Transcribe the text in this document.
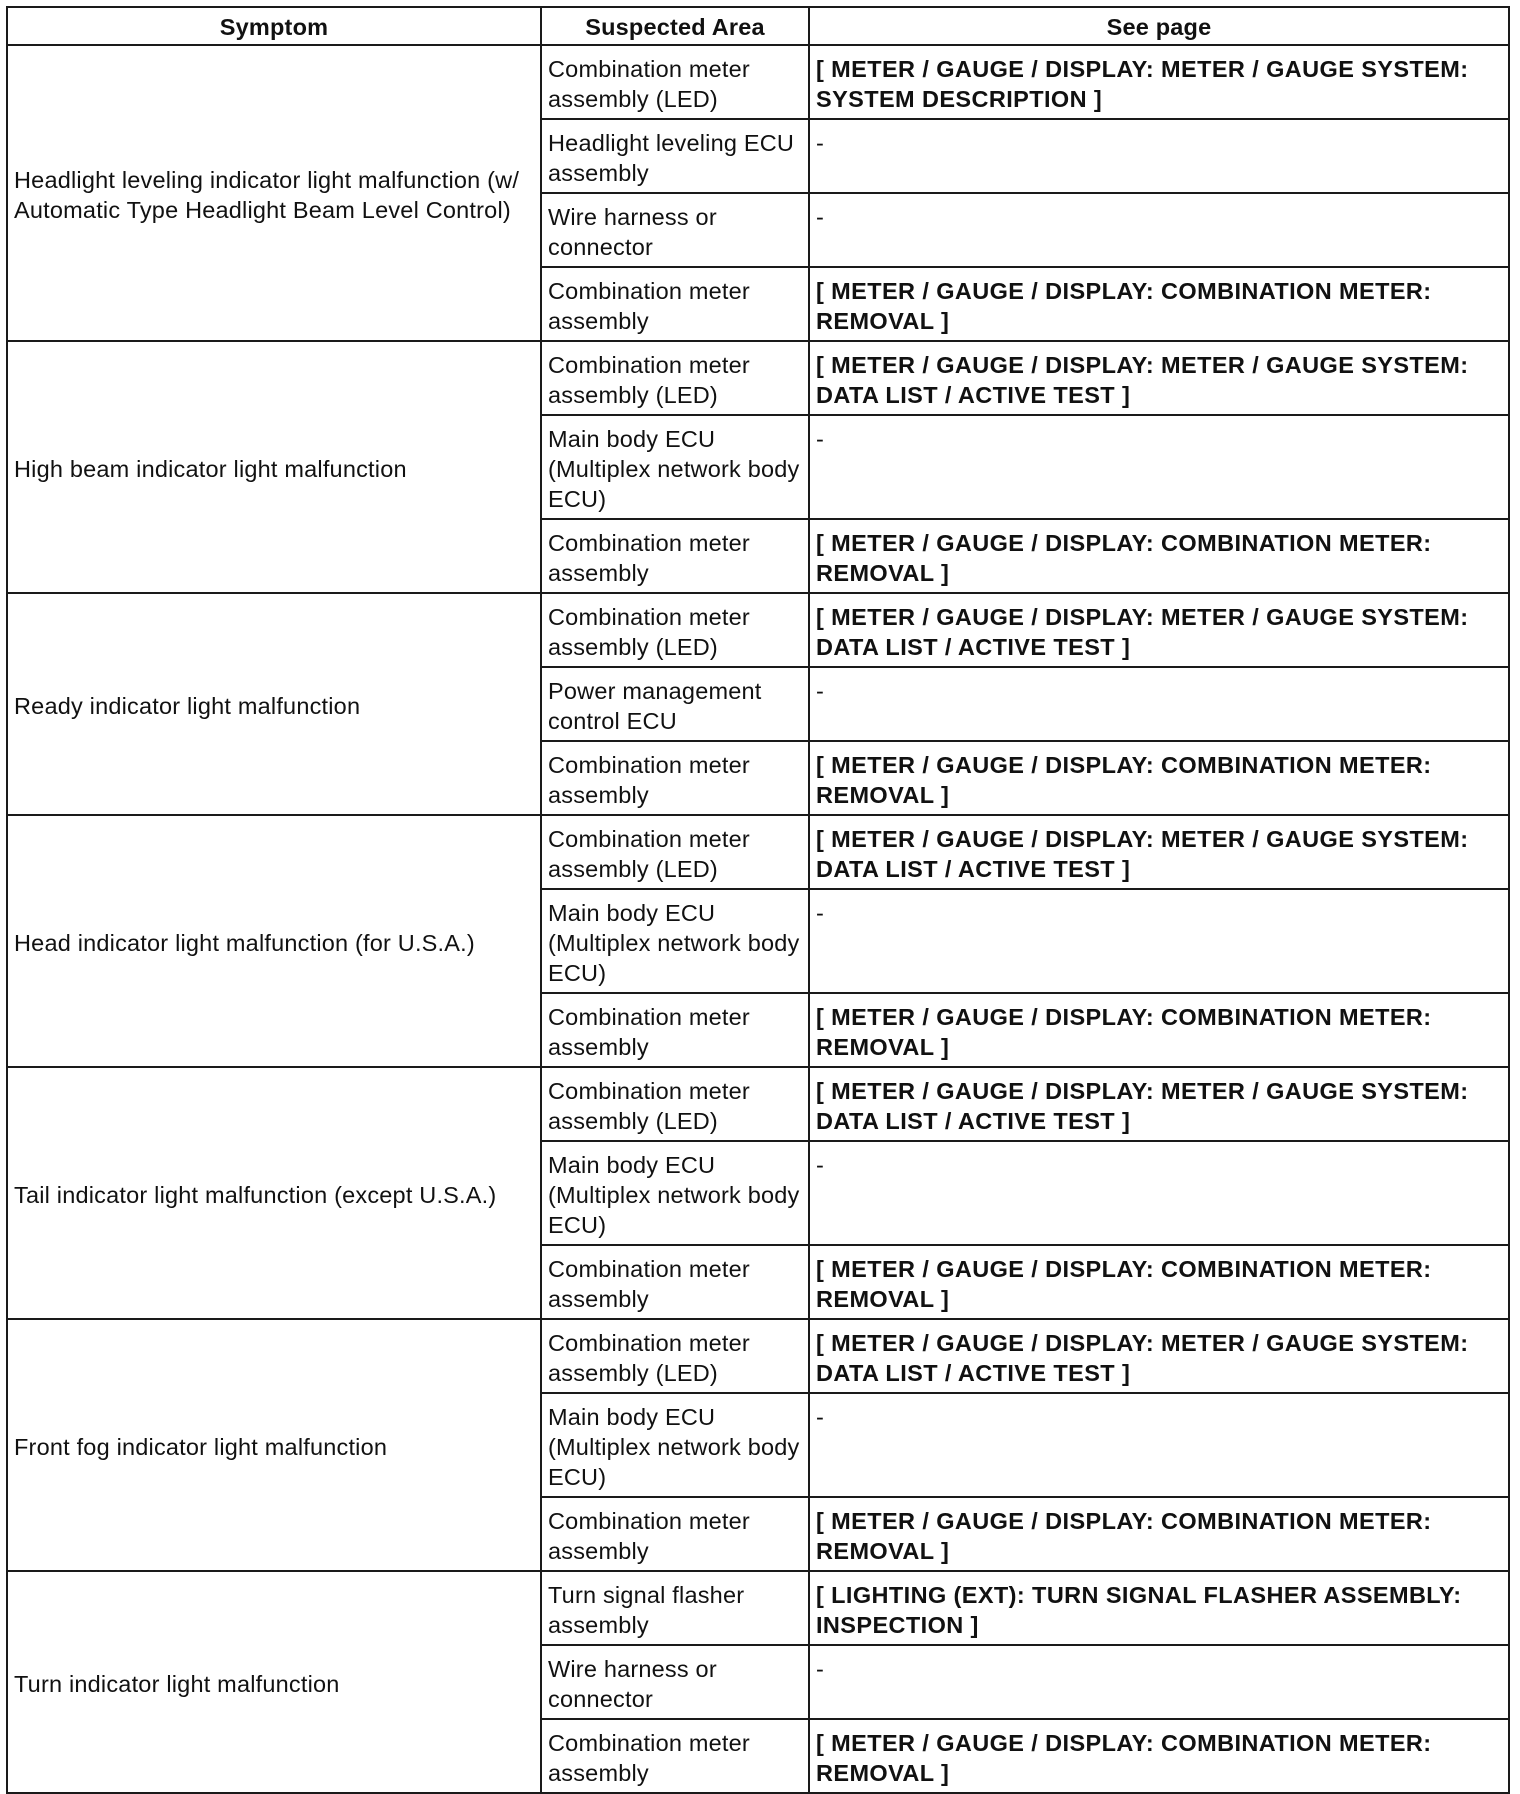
Symptom	Suspected Area	See page
Headlight leveling indicator light malfunction (w/ Automatic Type Headlight Beam Level Control)	Combination meter assembly (LED)	[ METER / GAUGE / DISPLAY: METER / GAUGE SYSTEM: SYSTEM DESCRIPTION ]
	Headlight leveling ECU assembly	-
	Wire harness or connector	-
	Combination meter assembly	[ METER / GAUGE / DISPLAY: COMBINATION METER: REMOVAL ]
High beam indicator light malfunction	Combination meter assembly (LED)	[ METER / GAUGE / DISPLAY: METER / GAUGE SYSTEM: DATA LIST / ACTIVE TEST ]
	Main body ECU (Multiplex network body ECU)	-
	Combination meter assembly	[ METER / GAUGE / DISPLAY: COMBINATION METER: REMOVAL ]
Ready indicator light malfunction	Combination meter assembly (LED)	[ METER / GAUGE / DISPLAY: METER / GAUGE SYSTEM: DATA LIST / ACTIVE TEST ]
	Power management control ECU	-
	Combination meter assembly	[ METER / GAUGE / DISPLAY: COMBINATION METER: REMOVAL ]
Head indicator light malfunction (for U.S.A.)	Combination meter assembly (LED)	[ METER / GAUGE / DISPLAY: METER / GAUGE SYSTEM: DATA LIST / ACTIVE TEST ]
	Main body ECU (Multiplex network body ECU)	-
	Combination meter assembly	[ METER / GAUGE / DISPLAY: COMBINATION METER: REMOVAL ]
Tail indicator light malfunction (except U.S.A.)	Combination meter assembly (LED)	[ METER / GAUGE / DISPLAY: METER / GAUGE SYSTEM: DATA LIST / ACTIVE TEST ]
	Main body ECU (Multiplex network body ECU)	-
	Combination meter assembly	[ METER / GAUGE / DISPLAY: COMBINATION METER: REMOVAL ]
Front fog indicator light malfunction	Combination meter assembly (LED)	[ METER / GAUGE / DISPLAY: METER / GAUGE SYSTEM: DATA LIST / ACTIVE TEST ]
	Main body ECU (Multiplex network body ECU)	-
	Combination meter assembly	[ METER / GAUGE / DISPLAY: COMBINATION METER: REMOVAL ]
Turn indicator light malfunction	Turn signal flasher assembly	[ LIGHTING (EXT): TURN SIGNAL FLASHER ASSEMBLY: INSPECTION ]
	Wire harness or connector	-
	Combination meter assembly	[ METER / GAUGE / DISPLAY: COMBINATION METER: REMOVAL ]
